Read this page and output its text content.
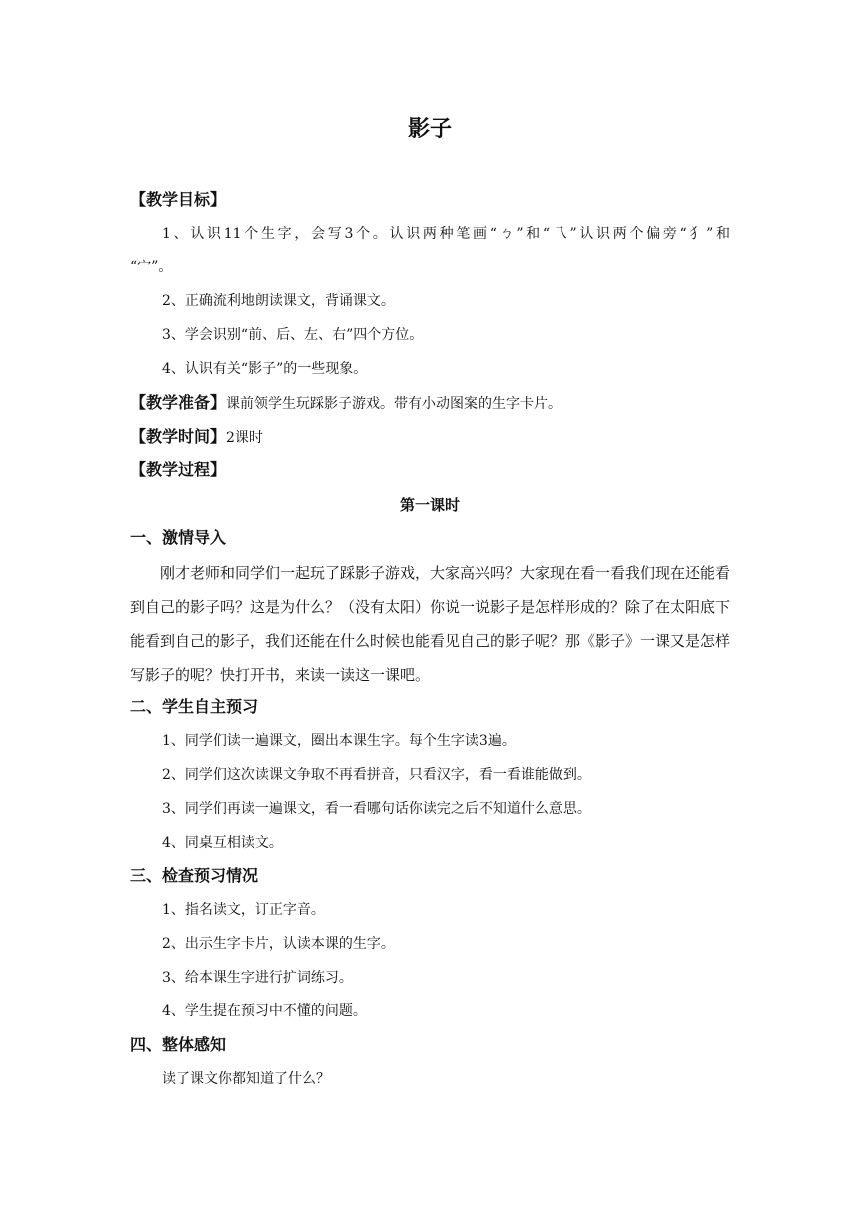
影子
【教学目标】
1、认识11个生字，会写3个。认识两种笔画“ㄅ”和“乁”认识两个偏旁“犭”和
“宀”。
2、正确流利地朗读课文，背诵课文。
3、学会识别“前、后、左、右”四个方位。
4、认识有关“影子”的一些现象。
【教学准备】课前领学生玩踩影子游戏。带有小动图案的生字卡片。
【教学时间】2课时
【教学过程】
第一课时
一、激情导入
刚才老师和同学们一起玩了踩影子游戏，大家高兴吗？大家现在看一看我们现在还能看到自己的影子吗？这是为什么？（没有太阳）你说一说影子是怎样形成的？除了在太阳底下能看到自己的影子，我们还能在什么时候也能看见自己的影子呢？那《影子》一课又是怎样写影子的呢？快打开书，来读一读这一课吧。
二、学生自主预习
1、同学们读一遍课文，圈出本课生字。每个生字读3遍。
2、同学们这次读课文争取不再看拼音，只看汉字，看一看谁能做到。
3、同学们再读一遍课文，看一看哪句话你读完之后不知道什么意思。
4、同桌互相读文。
三、检查预习情况
1、指名读文，订正字音。
2、出示生字卡片，认读本课的生字。
3、给本课生字进行扩词练习。
4、学生提在预习中不懂的问题。
四、整体感知
读了课文你都知道了什么？
